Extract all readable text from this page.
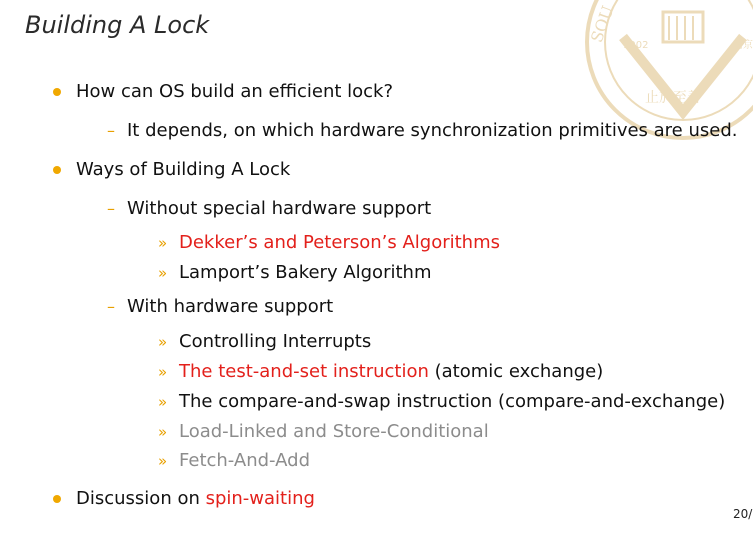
1902
SOU
南京
止於至善
Building A Lock
How can OS build an efficient lock?
– It depends, on which hardware synchronization primitives are used.
Ways of Building A Lock
– Without special hardware support
» Dekker’s and Peterson’s Algorithms
» Lamport’s Bakery Algorithm
– With hardware support
» Controlling Interrupts
» The test-and-set instruction (atomic exchange)
» The compare-and-swap instruction (compare-and-exchange)
» Load-Linked and Store-Conditional
» Fetch-And-Add
Discussion on spin-waiting
20/
